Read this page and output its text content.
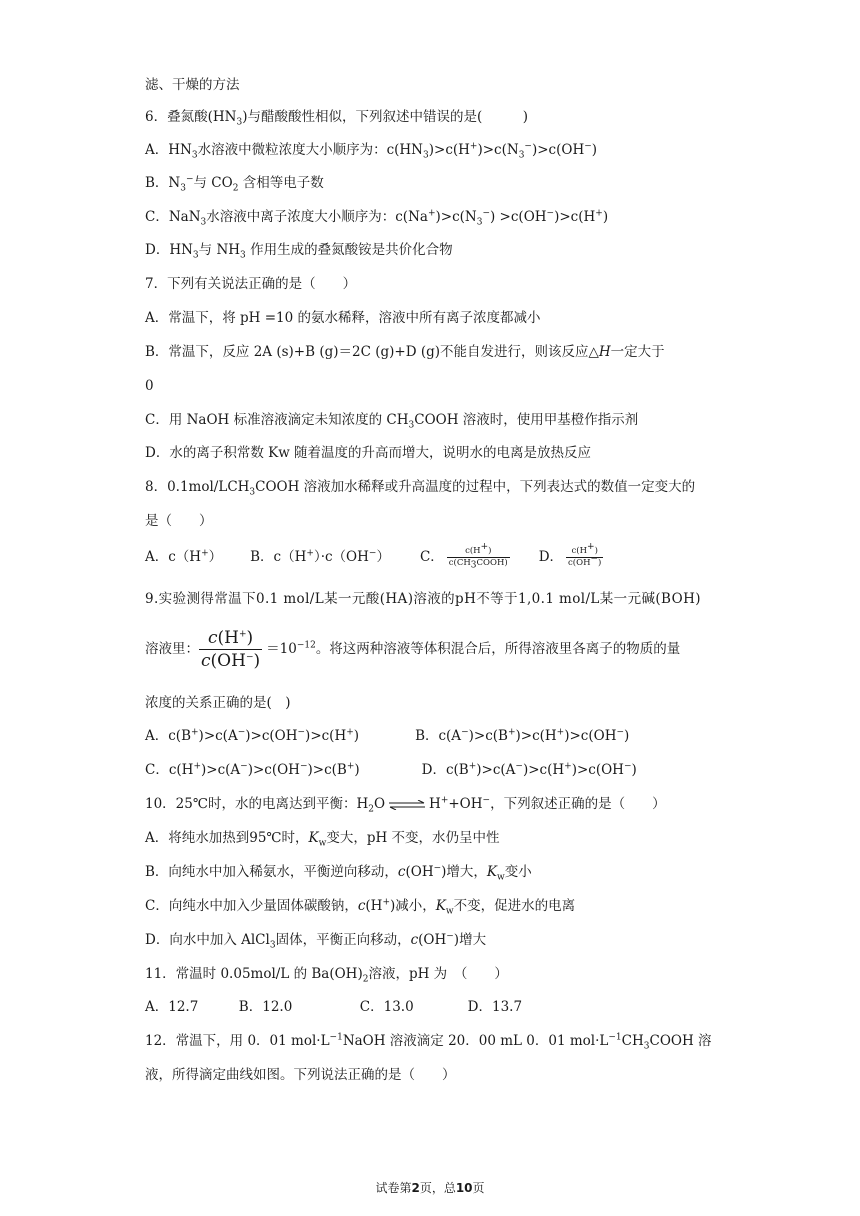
滤、干燥的方法
6．叠氮酸$(HN_3)$与醋酸酸性相似，下列叙述中错误的是(　　　)
A．$HN_3$水溶液中微粒浓度大小顺序为：$c(HN_3)>c(H^+)>c(N_3^-)>c(OH^-)$
B．$N_3^-$与 $CO_2$ 含相等电子数
C．NaN$_3$水溶液中离子浓度大小顺序为：$c(Na^+)>c(N_3^-) >c(OH^-)>c(H^+)$
D．$HN_3$与 $NH_3$ 作用生成的叠氮酸铵是共价化合物
7．下列有关说法正确的是（　　）
A．常温下，将 pH =10 的氨水稀释，溶液中所有离子浓度都减小
B．常温下，反应 2A (s)+B (g)＝2C (g)+D (g)不能自发进行，则该反应△H一定大于
0
C．用 NaOH 标准溶液滴定未知浓度的 $CH_3COOH$ 溶液时，使用甲基橙作指示剂
D．水的离子积常数 Kw 随着温度的升高而增大，说明水的电离是放热反应
8．$0.1mol/LCH_3COOH$ 溶液加水稀释或升高温度的过程中，下列表达式的数值一定变大的
是（　　）
A．c（H+） B．c（H+）·c（OH−） C． $\frac{c(H^+)}{c(CH_3COOH)}$ D． $\frac{c(H^+)}{c(OH^-)}$
9.实验测得常温下0.1 mol/L某一元酸(HA)溶液的pH不等于1,0.1 mol/L某一元碱(BOH)
溶液里： $\frac{c(H^+)}{c(OH^-)} =10^{-12}$。将这两种溶液等体积混合后，所得溶液里各离子的物质的量
浓度的关系正确的是(　)
A．c(B+)>c(A−)>c(OH−)>c(H+)	B．c(A−)>c(B+)>c(H+)>c(OH−)
C．c(H+)>c(A−)>c(OH−)>c(B+)	D．c(B+)>c(A−)>c(H+)>c(OH−)
10．25℃时，水的电离达到平衡：$H_2O$ ⇌ H++OH−，下列叙述正确的是（　　）
A．将纯水加热到95℃时，$K_w$变大，pH 不变，水仍呈中性
B．向纯水中加入稀氨水，平衡逆向移动，c(OH−)增大，$K_w$变小
C．向纯水中加入少量固体碳酸钠，c(H+)减小，$K_w$不变，促进水的电离
D．向水中加入 AlCl$_3$固体，平衡正向移动，c(OH−)增大
11．常温时 0.05mol/L 的 $Ba(OH)_2$溶液，pH 为　（　　）
A．12.7　　　B．12.0　　　　　C．13.0　　　　D．13.7
12．常温下，用 0．01 $mol\cdot L^{-1}NaOH$ 溶液滴定 20．00 mL 0．01 $mol\cdot L^{-1}CH_3COOH$ 溶
液，所得滴定曲线如图。下列说法正确的是（　　）
试卷第2页，总10页
